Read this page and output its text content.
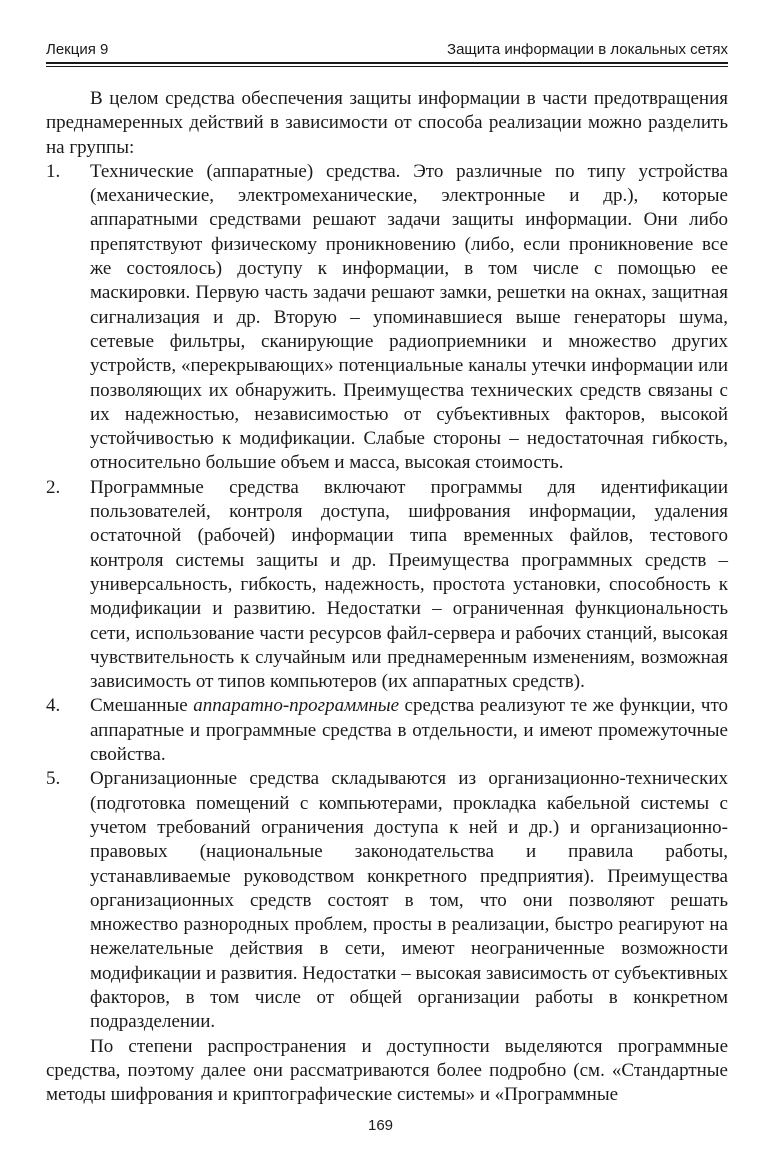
Лекция 9	Защита информации в локальных сетях

В целом средства обеспечения защиты информации в части предотвращения преднамеренных действий в зависимости от способа реализации можно разделить на группы:

1. Технические (аппаратные) средства. Это различные по типу устройства (механические, электромеханические, электронные и др.), которые аппаратными средствами решают задачи защиты информации. Они либо препятствуют физическому проникновению (либо, если проникновение все же состоялось) доступу к информации, в том числе с помощью ее маскировки. Первую часть задачи решают замки, решетки на окнах, защитная сигнализация и др. Вторую – упоминавшиеся выше генераторы шума, сетевые фильтры, сканирующие радиоприемники и множество других устройств, «перекрывающих» потенциальные каналы утечки информации или позволяющих их обнаружить. Преимущества технических средств связаны с их надежностью, независимостью от субъективных факторов, высокой устойчивостью к модификации. Слабые стороны – недостаточная гибкость, относительно большие объем и масса, высокая стоимость.

2. Программные средства включают программы для идентификации пользователей, контроля доступа, шифрования информации, удаления остаточной (рабочей) информации типа временных файлов, тестового контроля системы защиты и др. Преимущества программных средств – универсальность, гибкость, надежность, простота установки, способность к модификации и развитию. Недостатки – ограниченная функциональность сети, использование части ресурсов файл-сервера и рабочих станций, высокая чувствительность к случайным или преднамеренным изменениям, возможная зависимость от типов компьютеров (их аппаратных средств).

4. Смешанные аппаратно-программные средства реализуют те же функции, что аппаратные и программные средства в отдельности, и имеют промежуточные свойства.

5. Организационные средства складываются из организационно-технических (подготовка помещений с компьютерами, прокладка кабельной системы с учетом требований ограничения доступа к ней и др.) и организационно-правовых (национальные законодательства и правила работы, устанавливаемые руководством конкретного предприятия). Преимущества организационных средств состоят в том, что они позволяют решать множество разнородных проблем, просты в реализации, быстро реагируют на нежелательные действия в сети, имеют неограниченные возможности модификации и развития. Недостатки – высокая зависимость от субъективных факторов, в том числе от общей организации работы в конкретном подразделении.

По степени распространения и доступности выделяются программные средства, поэтому далее они рассматриваются более подробно (см. «Стандартные методы шифрования и криптографические системы» и «Программные

169
